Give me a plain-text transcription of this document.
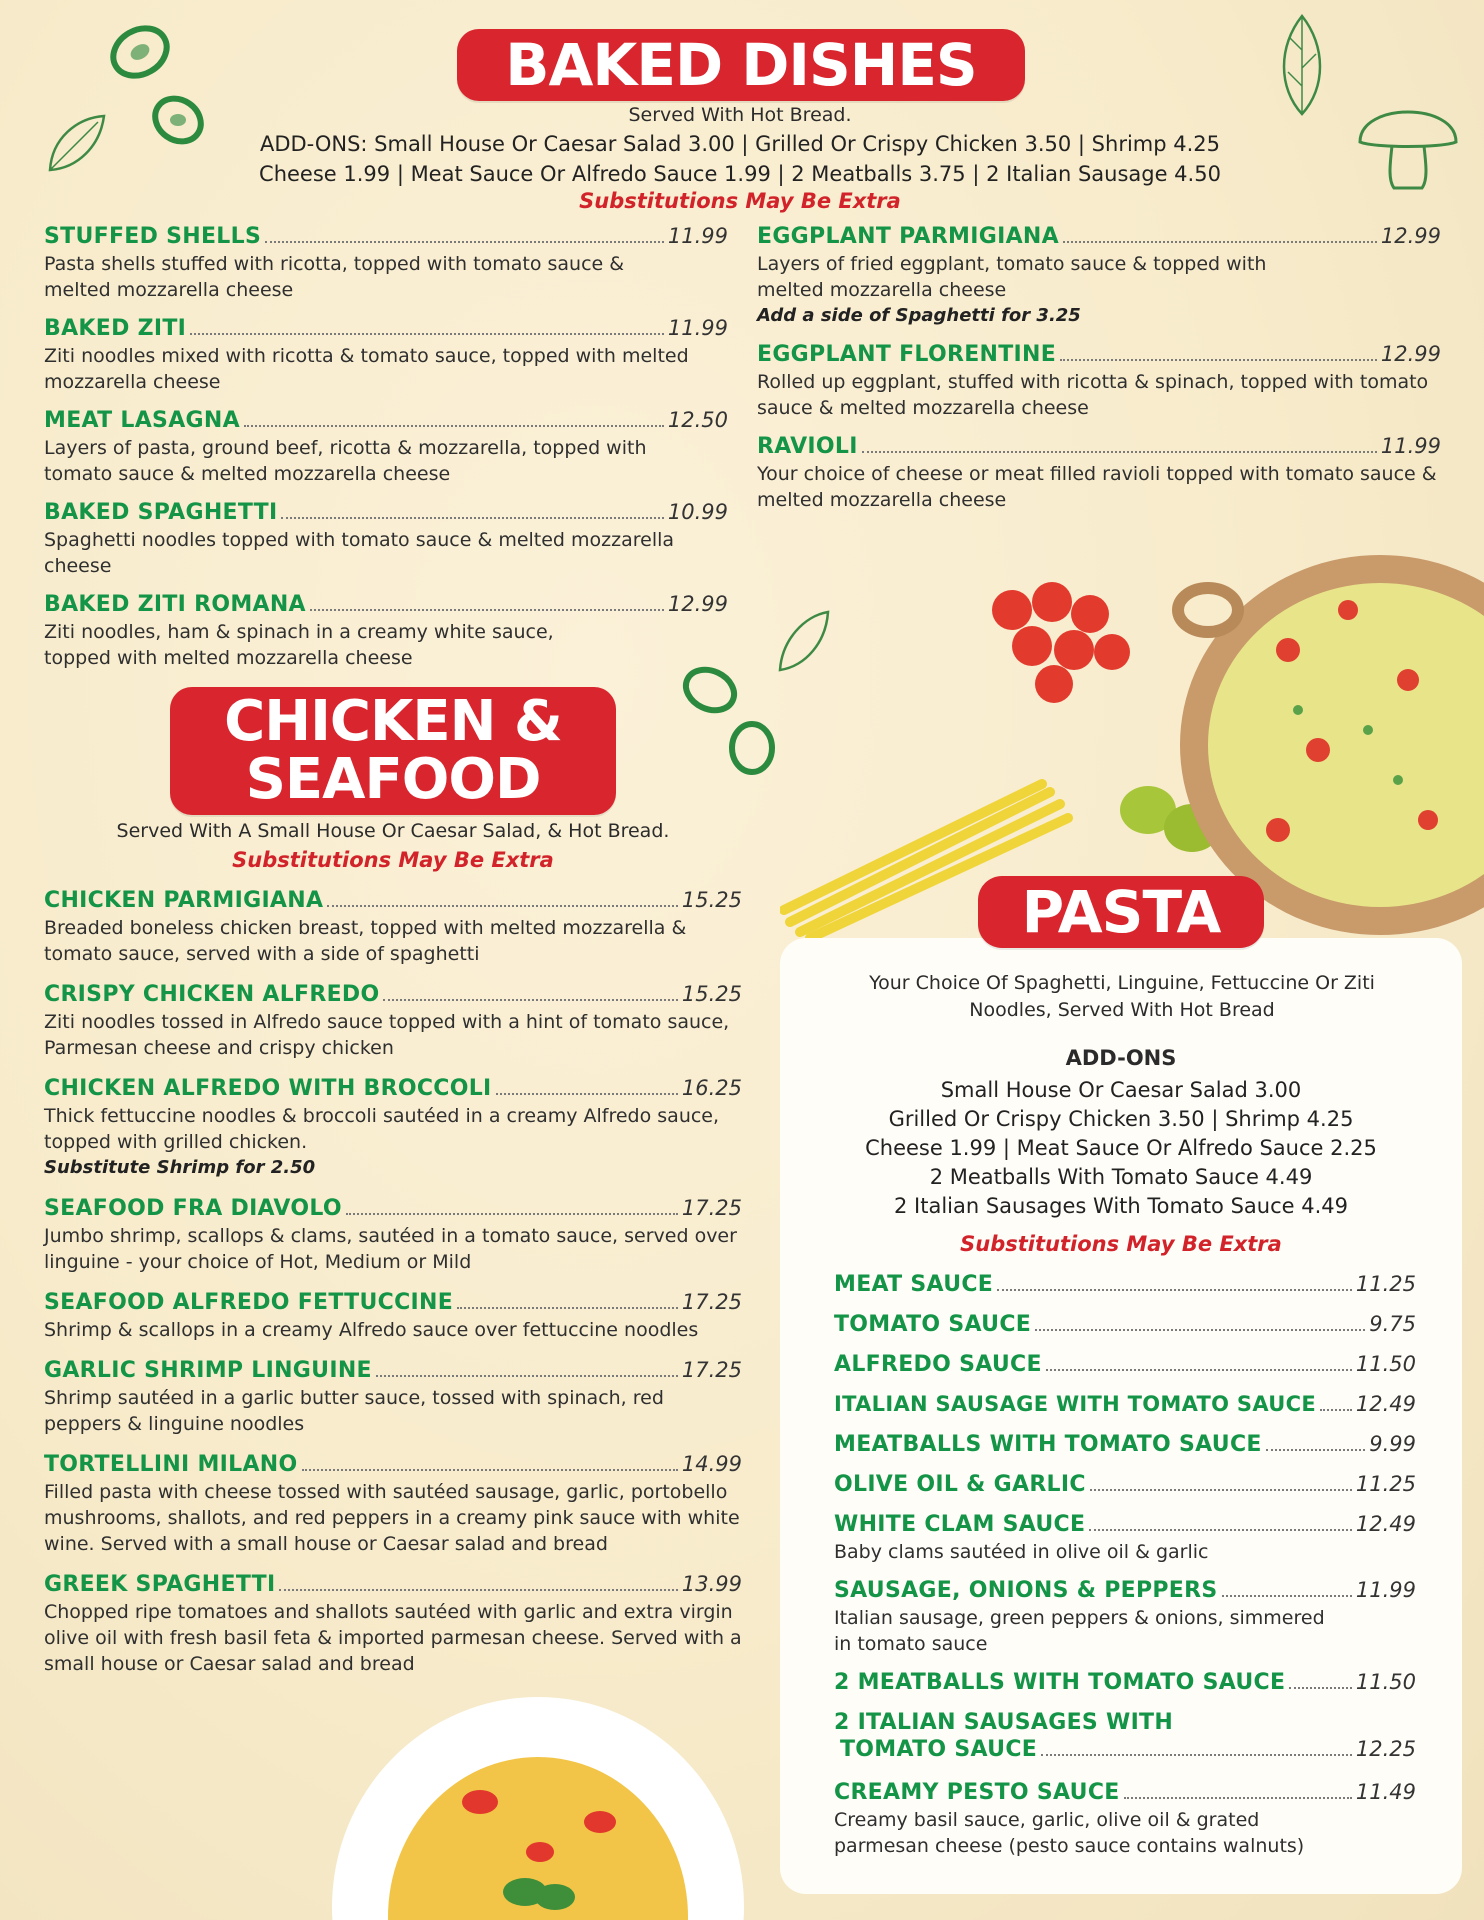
BAKED DISHES
Served With Hot Bread.
ADD-ONS: Small House Or Caesar Salad 3.00 | Grilled Or Crispy Chicken 3.50 | Shrimp 4.25
Cheese 1.99 | Meat Sauce Or Alfredo Sauce 1.99 | 2 Meatballs 3.75 | 2 Italian Sausage 4.50
Substitutions May Be Extra
STUFFED SHELLS	11.99
Pasta shells stuffed with ricotta, topped with tomato sauce & melted mozzarella cheese
BAKED ZITI	11.99
Ziti noodles mixed with ricotta & tomato sauce, topped with melted mozzarella cheese
MEAT LASAGNA	12.50
Layers of pasta, ground beef, ricotta & mozzarella, topped with tomato sauce & melted mozzarella cheese
BAKED SPAGHETTI	10.99
Spaghetti noodles topped with tomato sauce & melted mozzarella cheese
BAKED ZITI ROMANA	12.99
Ziti noodles, ham & spinach in a creamy white sauce, topped with melted mozzarella cheese
EGGPLANT PARMIGIANA	12.99
Layers of fried eggplant, tomato sauce & topped with melted mozzarella cheese
Add a side of Spaghetti for 3.25
EGGPLANT FLORENTINE	12.99
Rolled up eggplant, stuffed with ricotta & spinach, topped with tomato sauce & melted mozzarella cheese
RAVIOLI	11.99
Your choice of cheese or meat filled ravioli topped with tomato sauce & melted mozzarella cheese
CHICKEN &
SEAFOOD
Served With A Small House Or Caesar Salad, & Hot Bread.
Substitutions May Be Extra
CHICKEN PARMIGIANA	15.25
Breaded boneless chicken breast, topped with melted mozzarella & tomato sauce, served with a side of spaghetti
CRISPY CHICKEN ALFREDO	15.25
Ziti noodles tossed in Alfredo sauce topped with a hint of tomato sauce, Parmesan cheese and crispy chicken
CHICKEN ALFREDO WITH BROCCOLI	16.25
Thick fettuccine noodles & broccoli sautéed in a creamy Alfredo sauce, topped with grilled chicken.
Substitute Shrimp for 2.50
SEAFOOD FRA DIAVOLO	17.25
Jumbo shrimp, scallops & clams, sautéed in a tomato sauce, served over linguine - your choice of Hot, Medium or Mild
SEAFOOD ALFREDO FETTUCCINE	17.25
Shrimp & scallops in a creamy Alfredo sauce over fettuccine noodles
GARLIC SHRIMP LINGUINE	17.25
Shrimp sautéed in a garlic butter sauce, tossed with spinach, red peppers & linguine noodles
TORTELLINI MILANO	14.99
Filled pasta with cheese tossed with sautéed sausage, garlic, portobello mushrooms, shallots, and red peppers in a creamy pink sauce with white wine. Served with a small house or Caesar salad and bread
GREEK SPAGHETTI	13.99
Chopped ripe tomatoes and shallots sautéed with garlic and extra virgin olive oil with fresh basil feta & imported parmesan cheese. Served with a small house or Caesar salad and bread
PASTA
Your Choice Of Spaghetti, Linguine, Fettuccine Or Ziti Noodles, Served With Hot Bread
ADD-ONS
Small House Or Caesar Salad 3.00
Grilled Or Crispy Chicken 3.50 | Shrimp 4.25
Cheese 1.99 | Meat Sauce Or Alfredo Sauce 2.25
2 Meatballs With Tomato Sauce 4.49
2 Italian Sausages With Tomato Sauce 4.49
Substitutions May Be Extra
MEAT SAUCE	11.25
TOMATO SAUCE	9.75
ALFREDO SAUCE	11.50
ITALIAN SAUSAGE WITH TOMATO SAUCE 12.49
MEATBALLS WITH TOMATO SAUCE	9.99
OLIVE OIL & GARLIC	11.25
WHITE CLAM SAUCE	12.49
Baby clams sautéed in olive oil & garlic
SAUSAGE, ONIONS & PEPPERS	11.99
Italian sausage, green peppers & onions, simmered in tomato sauce
2 MEATBALLS WITH TOMATO SAUCE	11.50
2 ITALIAN SAUSAGES WITH
TOMATO SAUCE	12.25
CREAMY PESTO SAUCE	11.49
Creamy basil sauce, garlic, olive oil & grated parmesan cheese (pesto sauce contains walnuts)
